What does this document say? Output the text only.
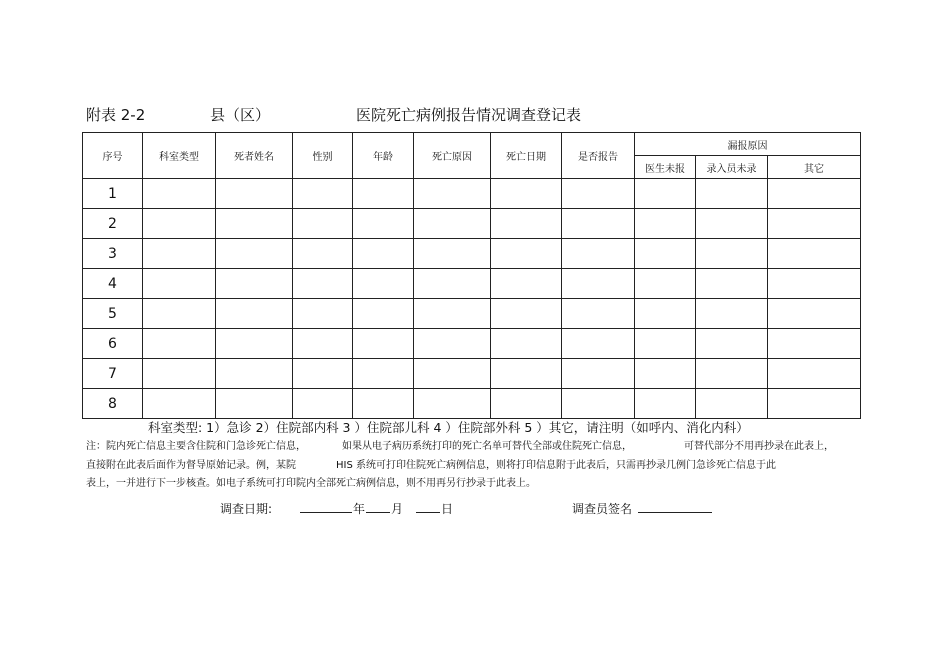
附表 2-2	县（区）	医院死亡病例报告情况调查登记表
序号	科室类型	死者姓名	性别	年龄	死亡原因	死亡日期	是否报告	漏报原因		
								医生未报	录入员未录	其它
1										
2										
3										
4										
5										
6										
7										
8										
科室类型: 1）急诊 2）住院部内科 3 ）住院部儿科 4 ）住院部外科 5 ）其它，请注明（如呼内、消化内科）
注：院内死亡信息主要含住院和门急诊死亡信息，	如果从电子病历系统打印的死亡名单可替代全部或住院死亡信息，	可替代部分不用再抄录在此表上，
直接附在此表后面作为督导原始记录。例，某院	HIS 系统可打印住院死亡病例信息，则将打印信息附于此表后，只需再抄录几例门急诊死亡信息于此
表上，一并进行下一步核查。如电子系统可打印院内全部死亡病例信息，则不用再另行抄录于此表上。
调查日期:	年 月	日	调查员签名
